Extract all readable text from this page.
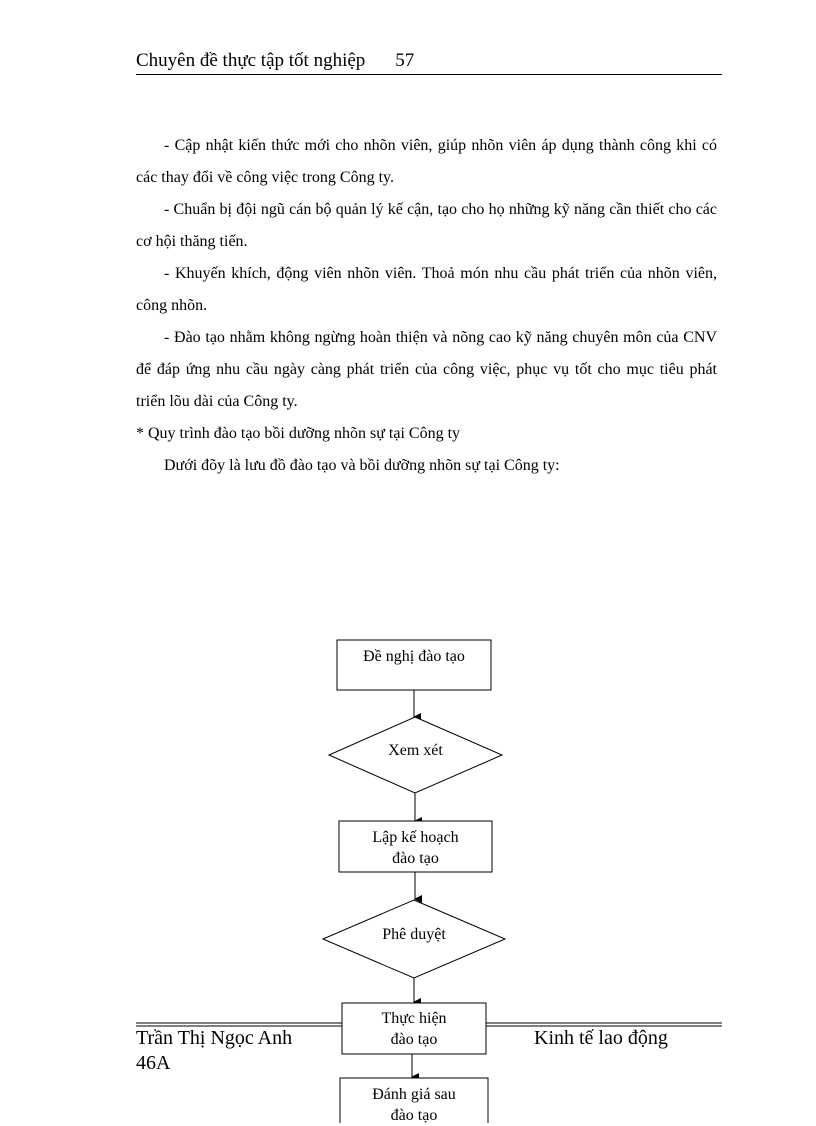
Chuyên đề thực tập tốt nghiệp 57

- Cập nhật kiến thức mới cho nhõn viên, giúp nhõn viên áp dụng thành công khi có các thay đổi về công việc trong Công ty.

- Chuẩn bị đội ngũ cán bộ quản lý kế cận, tạo cho họ những kỹ năng cần thiết cho các cơ hội thăng tiến.

- Khuyến khích, động viên nhõn viên. Thoả món nhu cầu phát triển của nhõn viên, công nhõn.

- Đào tạo nhằm không ngừng hoàn thiện và nõng cao kỹ năng chuyên môn của CNV để đáp ứng nhu cầu ngày càng phát triển của công việc, phục vụ tốt cho mục tiêu phát triển lõu dài của Công ty.

* Quy trình đào tạo bồi dưỡng nhõn sự tại Công ty

Dưới đõy là lưu đồ đào tạo và bồi dưỡng nhõn sự tại Công ty:

Đề nghị đào tạo
Xem xét
Lập kế hoạch
đào tạo
Phê duyệt
Thực hiện
đào tạo
Đánh giá sau
đào tạo
Trần Thị Ngọc Anh
46A
Kinh tế lao động
